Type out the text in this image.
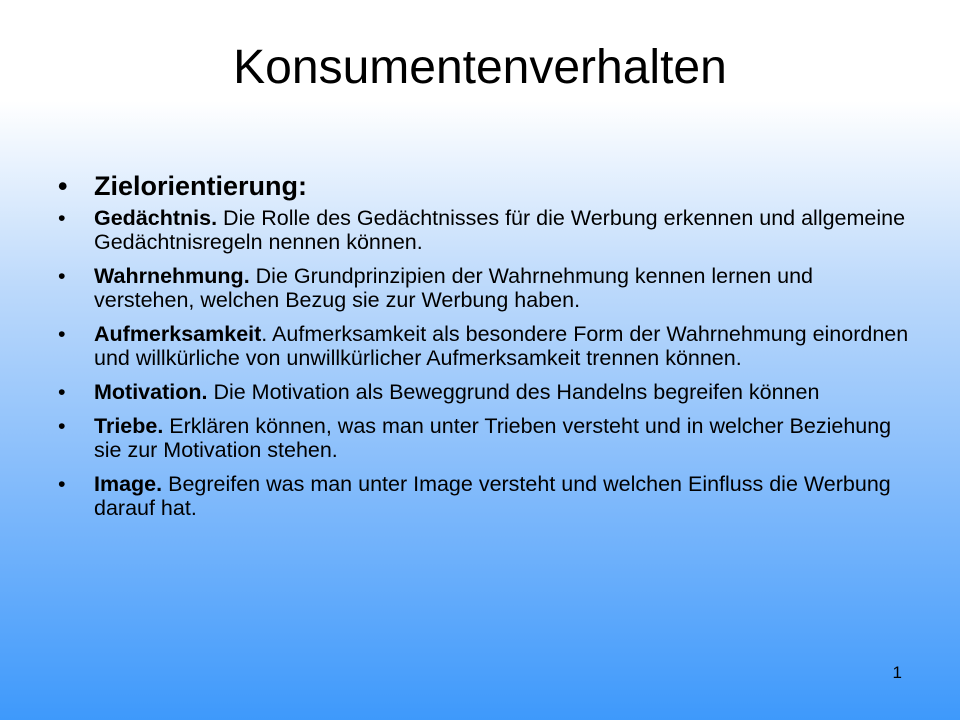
Konsumentenverhalten
• Zielorientierung:
• Gedächtnis. Die Rolle des Gedächtnisses für die Werbung erkennen und allgemeine Gedächtnisregeln nennen können.
• Wahrnehmung. Die Grundprinzipien der Wahrnehmung kennen lernen und verstehen, welchen Bezug sie zur Werbung haben.
• Aufmerksamkeit. Aufmerksamkeit als besondere Form der Wahrnehmung einordnen und willkürliche von unwillkürlicher Aufmerksamkeit trennen können.
• Motivation. Die Motivation als Beweggrund des Handelns begreifen können
• Triebe. Erklären können, was man unter Trieben versteht und in welcher Beziehung sie zur Motivation stehen.
• Image. Begreifen was man unter Image versteht und welchen Einfluss die Werbung darauf hat.
1
